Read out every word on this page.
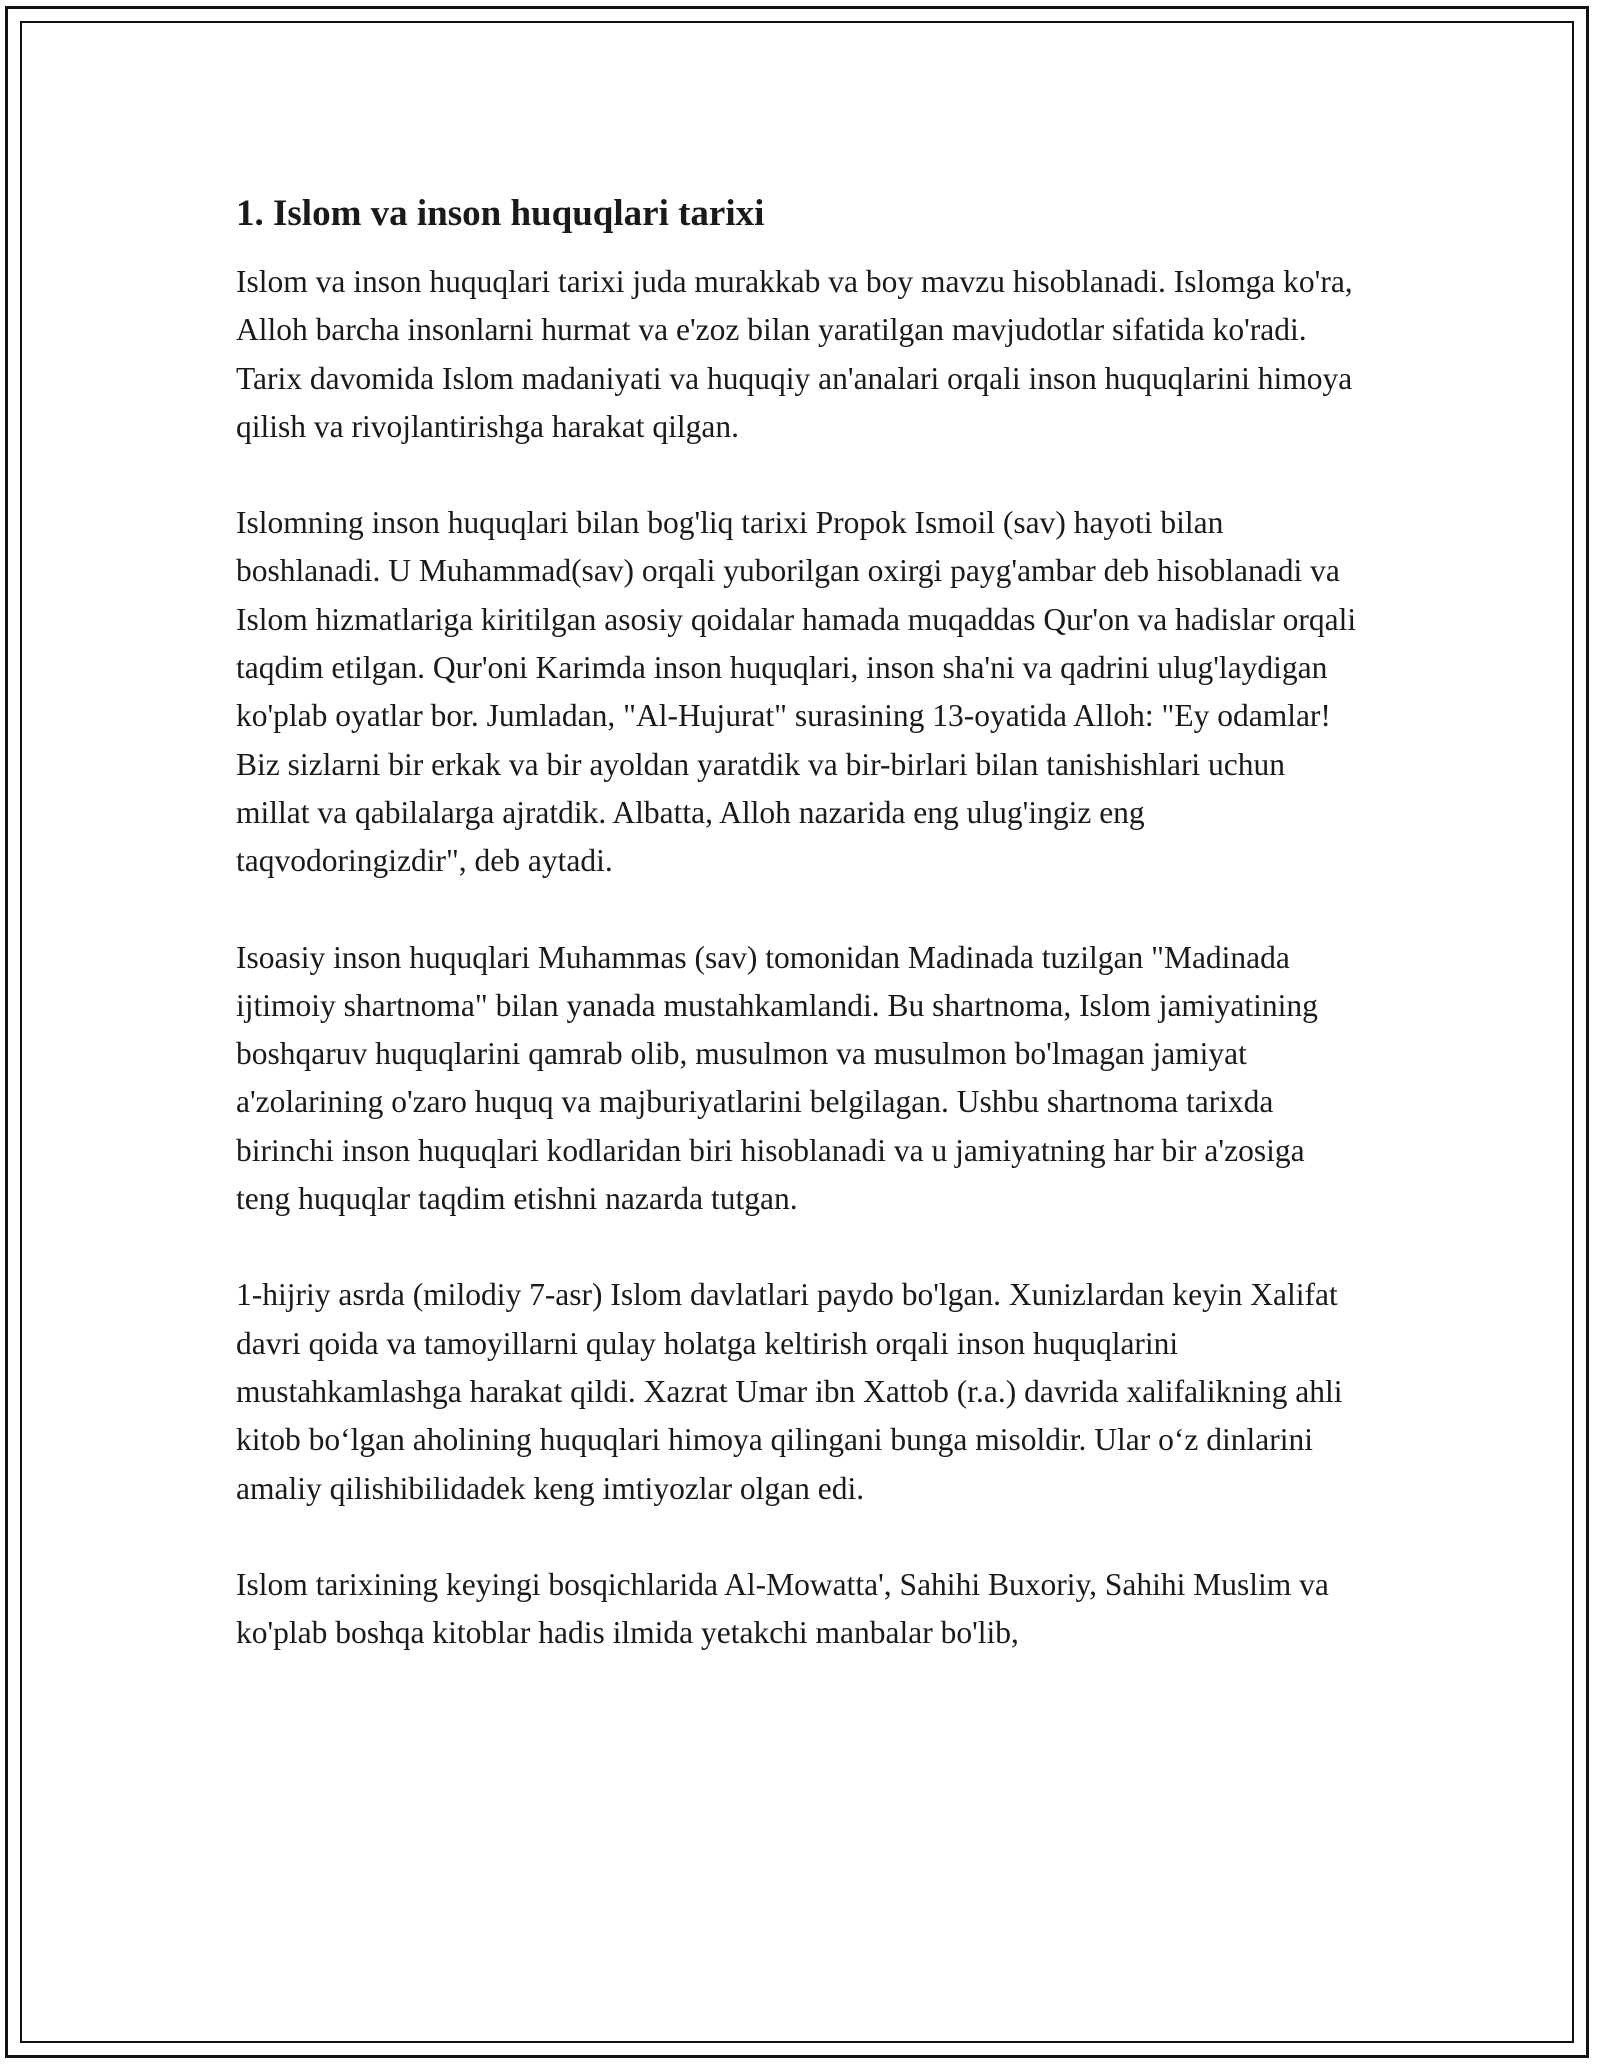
1. Islom va inson huquqlari tarixi

Islom va inson huquqlari tarixi juda murakkab va boy mavzu hisoblanadi. Islomga ko'ra, Alloh barcha insonlarni hurmat va e'zoz bilan yaratilgan mavjudotlar sifatida ko'radi. Tarix davomida Islom madaniyati va huquqiy an'analari orqali inson huquqlarini himoya qilish va rivojlantirishga harakat qilgan.

Islomning inson huquqlari bilan bog'liq tarixi Propok Ismoil (sav) hayoti bilan boshlanadi. U Muhammad(sav) orqali yuborilgan oxirgi payg'ambar deb hisoblanadi va Islom hizmatlariga kiritilgan asosiy qoidalar hamada muqaddas Qur'on va hadislar orqali taqdim etilgan. Qur'oni Karimda inson huquqlari, inson sha'ni va qadrini ulug'laydigan ko'plab oyatlar bor. Jumladan, "Al-Hujurat" surasining 13-oyatida Alloh: "Ey odamlar! Biz sizlarni bir erkak va bir ayoldan yaratdik va bir-birlari bilan tanishishlari uchun millat va qabilalarga ajratdik. Albatta, Alloh nazarida eng ulug'ingiz eng taqvodoringizdir", deb aytadi.

Isoasiy inson huquqlari Muhammas (sav) tomonidan Madinada tuzilgan "Madinada ijtimoiy shartnoma" bilan yanada mustahkamlandi. Bu shartnoma, Islom jamiyatining boshqaruv huquqlarini qamrab olib, musulmon va musulmon bo'lmagan jamiyat a'zolarining o'zaro huquq va majburiyatlarini belgilagan. Ushbu shartnoma tarixda birinchi inson huquqlari kodlaridan biri hisoblanadi va u jamiyatning har bir a'zosiga teng huquqlar taqdim etishni nazarda tutgan.

1-hijriy asrda (milodiy 7-asr) Islom davlatlari paydo bo'lgan. Xunizlardan keyin Xalifat davri qoida va tamoyillarni qulay holatga keltirish orqali inson huquqlarini mustahkamlashga harakat qildi. Xazrat Umar ibn Xattob (r.a.) davrida xalifalikning ahli kitob bo‘lgan aholining huquqlari himoya qilingani bunga misoldir. Ular o‘z dinlarini amaliy qilishibilidadek keng imtiyozlar olgan edi.

Islom tarixining keyingi bosqichlarida Al-Mowatta', Sahihi Buxoriy, Sahihi Muslim va ko'plab boshqa kitoblar hadis ilmida yetakchi manbalar bo'lib,
